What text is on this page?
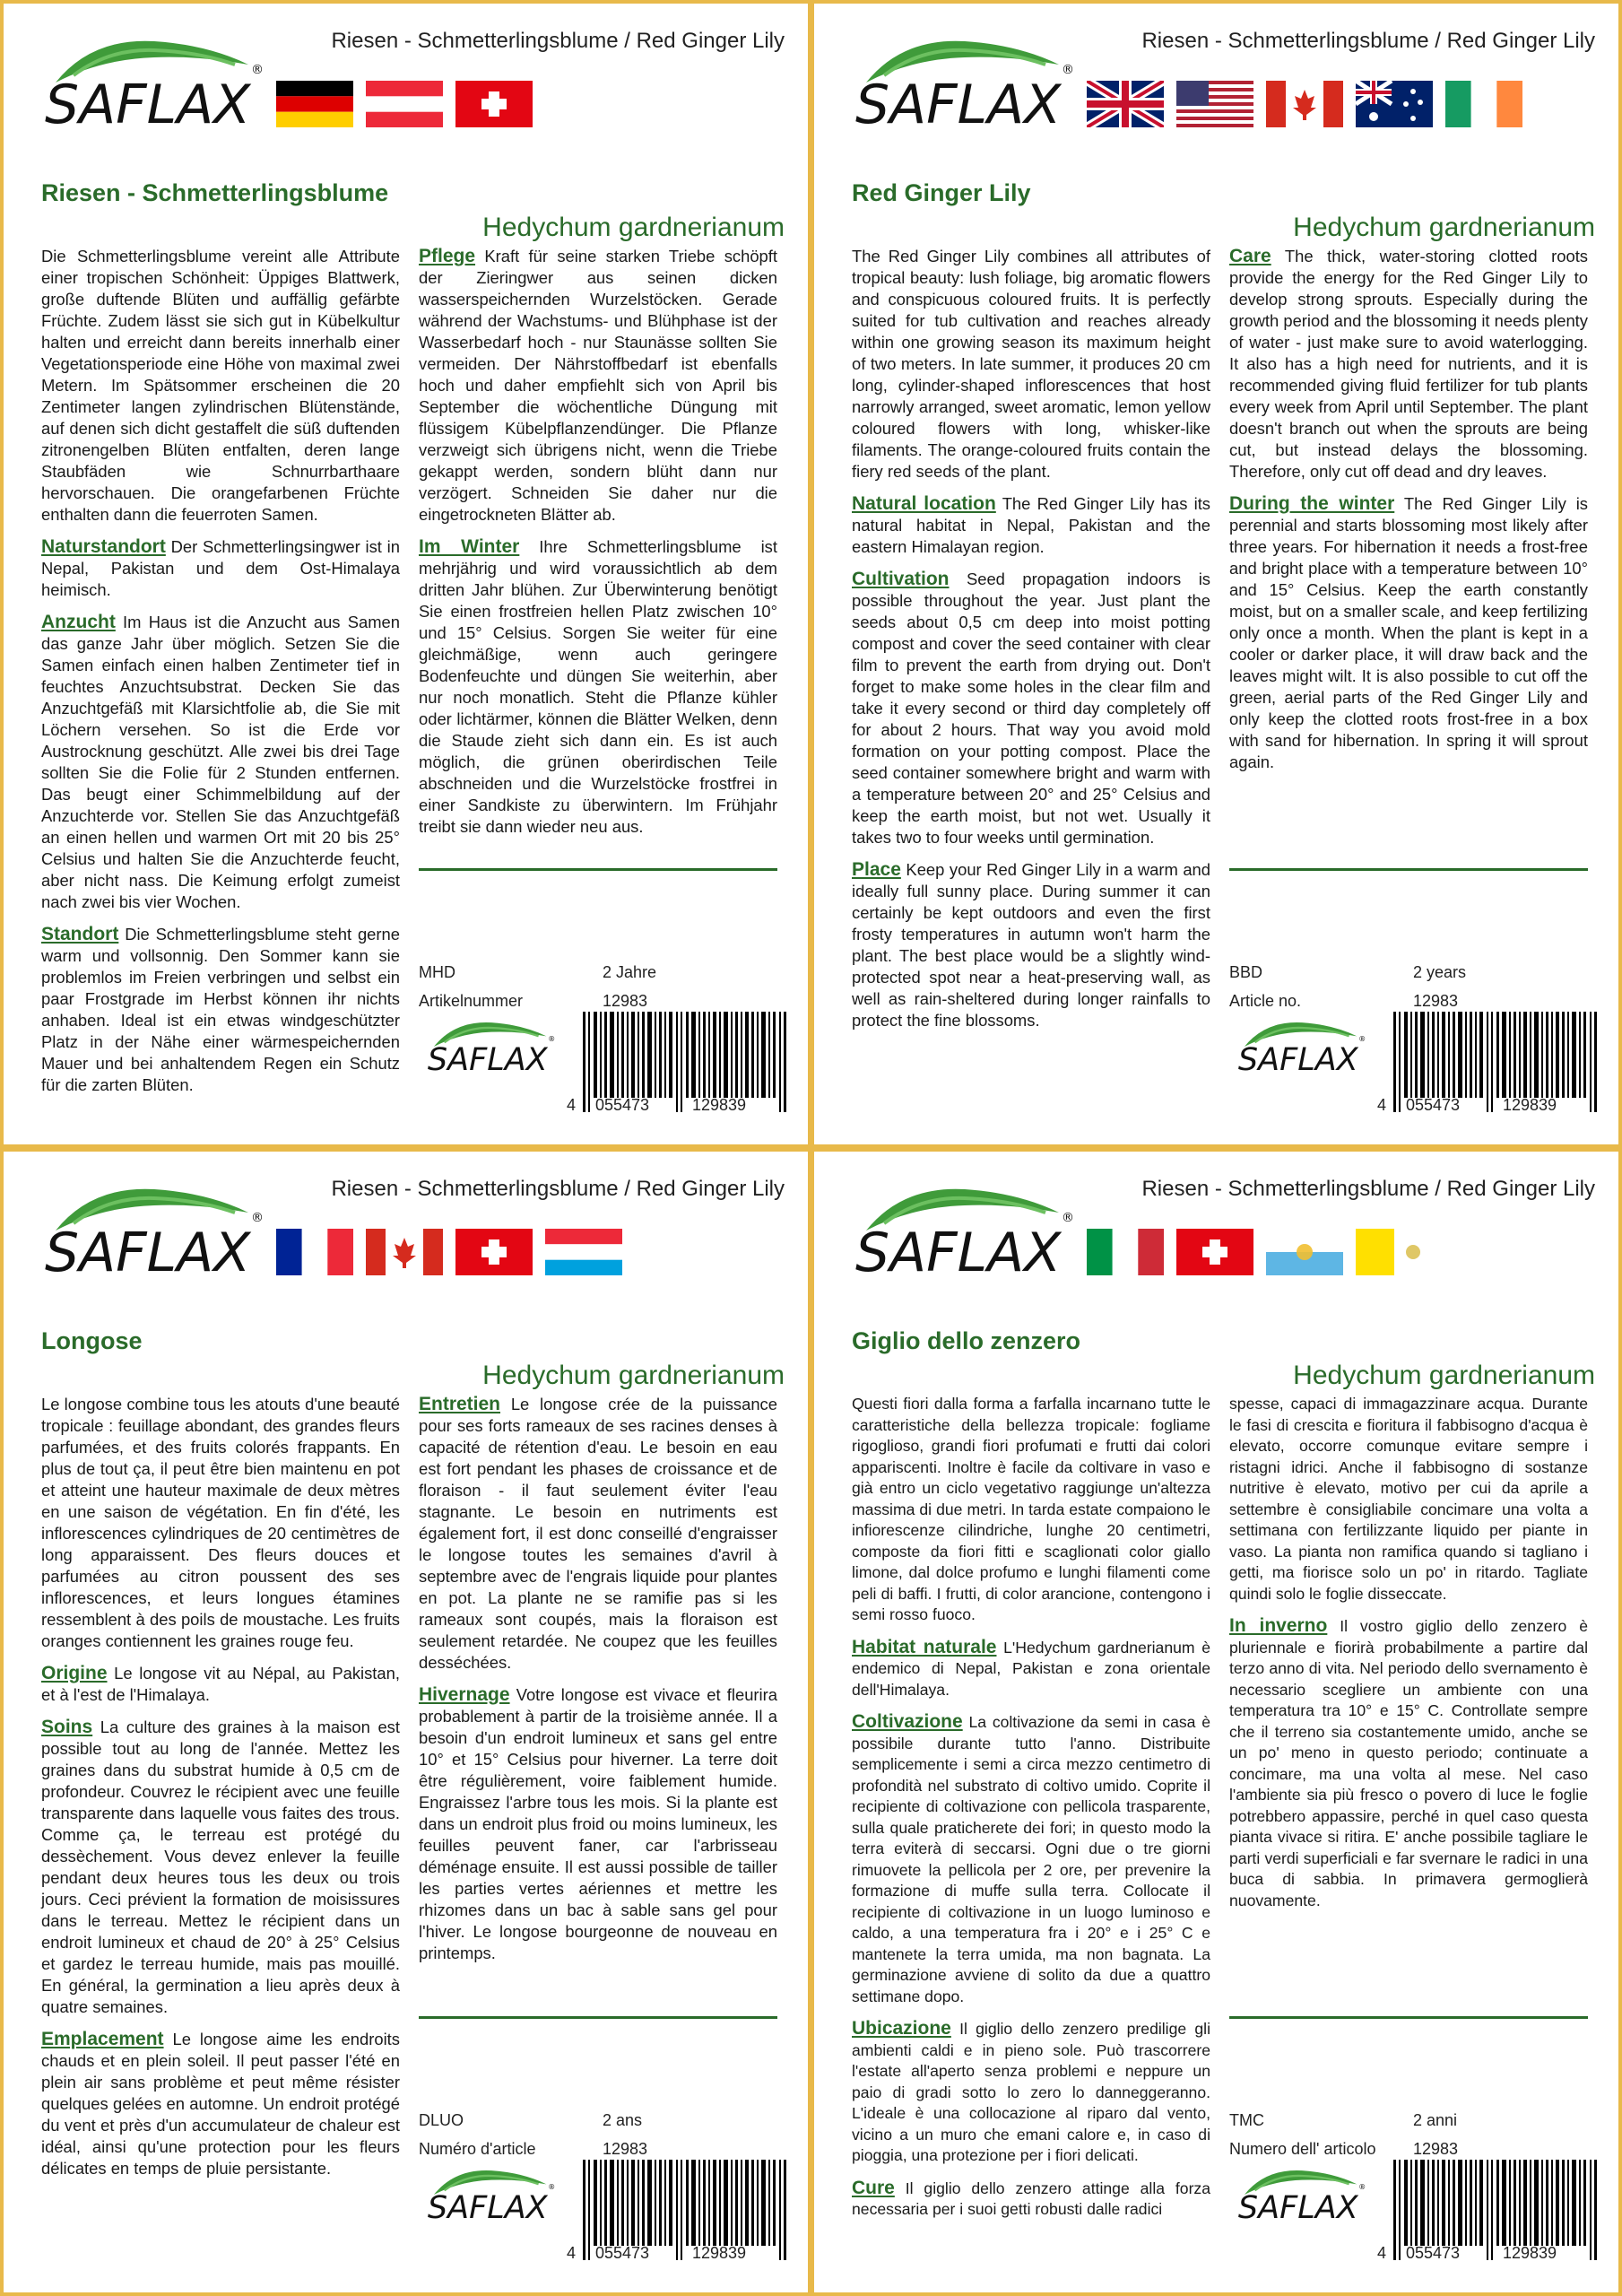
Riesen - Schmetterlingsblume / Red Ginger Lily
Riesen - Schmetterlingsblume
Hedychum gardnerianum

Die Schmetterlingsblume vereint alle Attribute einer tropischen Schönheit: Üppiges Blattwerk, große duftende Blüten und auffällig gefärbte Früchte. Zudem lässt sie sich gut in Kübelkultur halten und erreicht dann bereits innerhalb einer Vegetationsperiode eine Höhe von maximal zwei Metern. Im Spätsommer erscheinen die 20 Zentimeter langen zylindrischen Blütenstände, auf denen sich dicht gestaffelt die süß duftenden zitronengelben Blüten entfalten, deren lange Staubfäden wie Schnurrbarthaare hervorschauen. Die orangefarbenen Früchte enthalten dann die feuerroten Samen.

Naturstandort Der Schmetterlingsingwer ist in Nepal, Pakistan und dem Ost-Himalaya heimisch.

Anzucht Im Haus ist die Anzucht aus Samen das ganze Jahr über möglich. Setzen Sie die Samen einfach einen halben Zentimeter tief in feuchtes Anzuchtsubstrat. Decken Sie das Anzuchtgefäß mit Klarsichtfolie ab, die Sie mit Löchern versehen. So ist die Erde vor Austrocknung geschützt. Alle zwei bis drei Tage sollten Sie die Folie für 2 Stunden entfernen. Das beugt einer Schimmelbildung auf der Anzuchterde vor. Stellen Sie das Anzuchtgefäß an einen hellen und warmen Ort mit 20 bis 25° Celsius und halten Sie die Anzuchterde feucht, aber nicht nass. Die Keimung erfolgt zumeist nach zwei bis vier Wochen.

Standort Die Schmetterlingsblume steht gerne warm und vollsonnig. Den Sommer kann sie problemlos im Freien verbringen und selbst ein paar Frostgrade im Herbst können ihr nichts anhaben. Ideal ist ein etwas windgeschützter Platz in der Nähe einer wärmespeichernden Mauer und bei anhaltendem Regen ein Schutz für die zarten Blüten.

Pflege Kraft für seine starken Triebe schöpft der Zieringwer aus seinen dicken wasserspeichernden Wurzelstöcken. Gerade während der Wachstums- und Blühphase ist der Wasserbedarf hoch - nur Staunässe sollten Sie vermeiden. Der Nährstoffbedarf ist ebenfalls hoch und daher empfiehlt sich von April bis September die wöchentliche Düngung mit flüssigem Kübelpflanzendünger. Die Pflanze verzweigt sich übrigens nicht, wenn die Triebe gekappt werden, sondern blüht dann nur verzögert. Schneiden Sie daher nur die eingetrockneten Blätter ab.

Im Winter Ihre Schmetterlingsblume ist mehrjährig und wird voraussichtlich ab dem dritten Jahr blühen. Zur Überwinterung benötigt Sie einen frostfreien hellen Platz zwischen 10° und 15° Celsius. Sorgen Sie weiter für eine gleichmäßige, wenn auch geringere Bodenfeuchte und düngen Sie weiterhin, aber nur noch monatlich. Steht die Pflanze kühler oder lichtärmer, können die Blätter Welken, denn die Staude zieht sich dann ein. Es ist auch möglich, die grünen oberirdischen Teile abschneiden und die Wurzelstöcke frostfrei in einer Sandkiste zu überwintern. Im Frühjahr treibt sie dann wieder neu aus.

MHD	2 Jahre
Artikelnummer	12983
4 055473	129839
Riesen - Schmetterlingsblume / Red Ginger Lily
Red Ginger Lily
Hedychum gardnerianum

The Red Ginger Lily combines all attributes of tropical beauty: lush foliage, big aromatic flowers and conspicuous coloured fruits. It is perfectly suited for tub cultivation and reaches already within one growing season its maximum height of two meters. In late summer, it produces 20 cm long, cylinder-shaped inflorescences that host narrowly arranged, sweet aromatic, lemon yellow coloured flowers with long, whisker-like filaments. The orange-coloured fruits contain the fiery red seeds of the plant.

Natural location The Red Ginger Lily has its natural habitat in Nepal, Pakistan and the eastern Himalayan region.

Cultivation Seed propagation indoors is possible throughout the year. Just plant the seeds about 0,5 cm deep into moist potting compost and cover the seed container with clear film to prevent the earth from drying out. Don't forget to make some holes in the clear film and take it every second or third day completely off for about 2 hours. That way you avoid mold formation on your potting compost. Place the seed container somewhere bright and warm with a temperature between 20° and 25° Celsius and keep the earth moist, but not wet. Usually it takes two to four weeks until germination.

Place Keep your Red Ginger Lily in a warm and ideally full sunny place. During summer it can certainly be kept outdoors and even the first frosty temperatures in autumn won't harm the plant. The best place would be a slightly wind-protected spot near a heat-preserving wall, as well as rain-sheltered during longer rainfalls to protect the fine blossoms.

Care The thick, water-storing clotted roots provide the energy for the Red Ginger Lily to develop strong sprouts. Especially during the growth period and the blossoming it needs plenty of water - just make sure to avoid waterlogging. It also has a high need for nutrients, and it is recommended giving fluid fertilizer for tub plants every week from April until September. The plant doesn't branch out when the sprouts are being cut, but instead delays the blossoming. Therefore, only cut off dead and dry leaves.

During the winter The Red Ginger Lily is perennial and starts blossoming most likely after three years. For hibernation it needs a frost-free and bright place with a temperature between 10° and 15° Celsius. Keep the earth constantly moist, but on a smaller scale, and keep fertilizing only once a month. When the plant is kept in a cooler or darker place, it will draw back and the leaves might wilt. It is also possible to cut off the green, aerial parts of the Red Ginger Lily and only keep the clotted roots frost-free in a box with sand for hibernation. In spring it will sprout again.

BBD	2 years
Article no.	12983
4 055473	129839
Riesen - Schmetterlingsblume / Red Ginger Lily
Longose
Hedychum gardnerianum

Le longose combine tous les atouts d'une beauté tropicale : feuillage abondant, des grandes fleurs parfumées, et des fruits colorés frappants. En plus de tout ça, il peut être bien maintenu en pot et atteint une hauteur maximale de deux mètres en une saison de végétation. En fin d'été, les inflorescences cylindriques de 20 centimètres de long apparaissent. Des fleurs douces et parfumées au citron poussent des ses inflorescences, et leurs longues étamines ressemblent à des poils de moustache. Les fruits oranges contiennent les graines rouge feu.

Origine Le longose vit au Népal, au Pakistan, et à l'est de l'Himalaya.

Soins La culture des graines à la maison est possible tout au long de l'année. Mettez les graines dans du substrat humide à 0,5 cm de profondeur. Couvrez le récipient avec une feuille transparente dans laquelle vous faites des trous. Comme ça, le terreau est protégé du dessèchement. Vous devez enlever la feuille pendant deux heures tous les deux ou trois jours. Ceci prévient la formation de moisissures dans le terreau. Mettez le récipient dans un endroit lumineux et chaud de 20° à 25° Celsius et gardez le terreau humide, mais pas mouillé. En général, la germination a lieu après deux à quatre semaines.

Emplacement Le longose aime les endroits chauds et en plein soleil. Il peut passer l'été en plein air sans problème et peut même résister quelques gelées en automne. Un endroit protégé du vent et près d'un accumulateur de chaleur est idéal, ainsi qu'une protection pour les fleurs délicates en temps de pluie persistante.

Entretien Le longose crée de la puissance pour ses forts rameaux de ses racines denses à capacité de rétention d'eau. Le besoin en eau est fort pendant les phases de croissance et de floraison - il faut seulement éviter l'eau stagnante. Le besoin en nutriments est également fort, il est donc conseillé d'engraisser le longose toutes les semaines d'avril à septembre avec de l'engrais liquide pour plantes en pot. La plante ne se ramifie pas si les rameaux sont coupés, mais la floraison est seulement retardée. Ne coupez que les feuilles desséchées.

Hivernage Votre longose est vivace et fleurira probablement à partir de la troisième année. Il a besoin d'un endroit lumineux et sans gel entre 10° et 15° Celsius pour hiverner. La terre doit être régulièrement, voire faiblement humide. Engraissez l'arbre tous les mois. Si la plante est dans un endroit plus froid ou moins lumineux, les feuilles peuvent faner, car l'arbrisseau déménage ensuite. Il est aussi possible de tailler les parties vertes aériennes et mettre les rhizomes dans un bac à sable sans gel pour l'hiver. Le longose bourgeonne de nouveau en printemps.

DLUO	2 ans
Numéro d'article	12983
4 055473	129839
Riesen - Schmetterlingsblume / Red Ginger Lily
Giglio dello zenzero
Hedychum gardnerianum

Questi fiori dalla forma a farfalla incarnano tutte le caratteristiche della bellezza tropicale: fogliame rigoglioso, grandi fiori profumati e frutti dai colori appariscenti. Inoltre è facile da coltivare in vaso e già entro un ciclo vegetativo raggiunge un'altezza massima di due metri. In tarda estate compaiono le infiorescenze cilindriche, lunghe 20 centimetri, composte da fiori fitti e scaglionati color giallo limone, dal dolce profumo e lunghi filamenti come peli di baffi. I frutti, di color arancione, contengono i semi rosso fuoco.

Habitat naturale L'Hedychum gardnerianum è endemico di Nepal, Pakistan e zona orientale dell'Himalaya.

Coltivazione La coltivazione da semi in casa è possibile durante tutto l'anno. Distribuite semplicemente i semi a circa mezzo centimetro di profondità nel substrato di coltivo umido. Coprite il recipiente di coltivazione con pellicola trasparente, sulla quale praticherete dei fori; in questo modo la terra eviterà di seccarsi. Ogni due o tre giorni rimuovete la pellicola per 2 ore, per prevenire la formazione di muffe sulla terra. Collocate il recipiente di coltivazione in un luogo luminoso e caldo, a una temperatura fra i 20° e i 25° C e mantenete la terra umida, ma non bagnata. La germinazione avviene di solito da due a quattro settimane dopo.

Ubicazione Il giglio dello zenzero predilige gli ambienti caldi e in pieno sole. Può trascorrere l'estate all'aperto senza problemi e neppure un paio di gradi sotto lo zero lo danneggeranno. L'ideale è una collocazione al riparo dal vento, vicino a un muro che emani calore e, in caso di pioggia, una protezione per i fiori delicati.

Cure Il giglio dello zenzero attinge alla forza necessaria per i suoi getti robusti dalle radici

spesse, capaci di immagazzinare acqua. Durante le fasi di crescita e fioritura il fabbisogno d'acqua è elevato, occorre comunque evitare sempre i ristagni idrici. Anche il fabbisogno di sostanze nutritive è elevato, motivo per cui da aprile a settembre è consigliabile concimare una volta a settimana con fertilizzante liquido per piante in vaso. La pianta non ramifica quando si tagliano i getti, ma fiorisce solo un po' in ritardo. Tagliate quindi solo le foglie disseccate.

In inverno Il vostro giglio dello zenzero è pluriennale e fiorirà probabilmente a partire dal terzo anno di vita. Nel periodo dello svernamento è necessario scegliere un ambiente con una temperatura tra 10° e 15° C. Controllate sempre che il terreno sia costantemente umido, anche se un po' meno in questo periodo; continuate a concimare, ma una volta al mese. Nel caso l'ambiente sia più fresco o povero di luce le foglie potrebbero appassire, perché in quel caso questa pianta vivace si ritira. E' anche possibile tagliare le parti verdi superficiali e far svernare le radici in una buca di sabbia. In primavera germoglierà nuovamente.

TMC	2 anni
Numero dell' articolo 12983
4 055473	129839
